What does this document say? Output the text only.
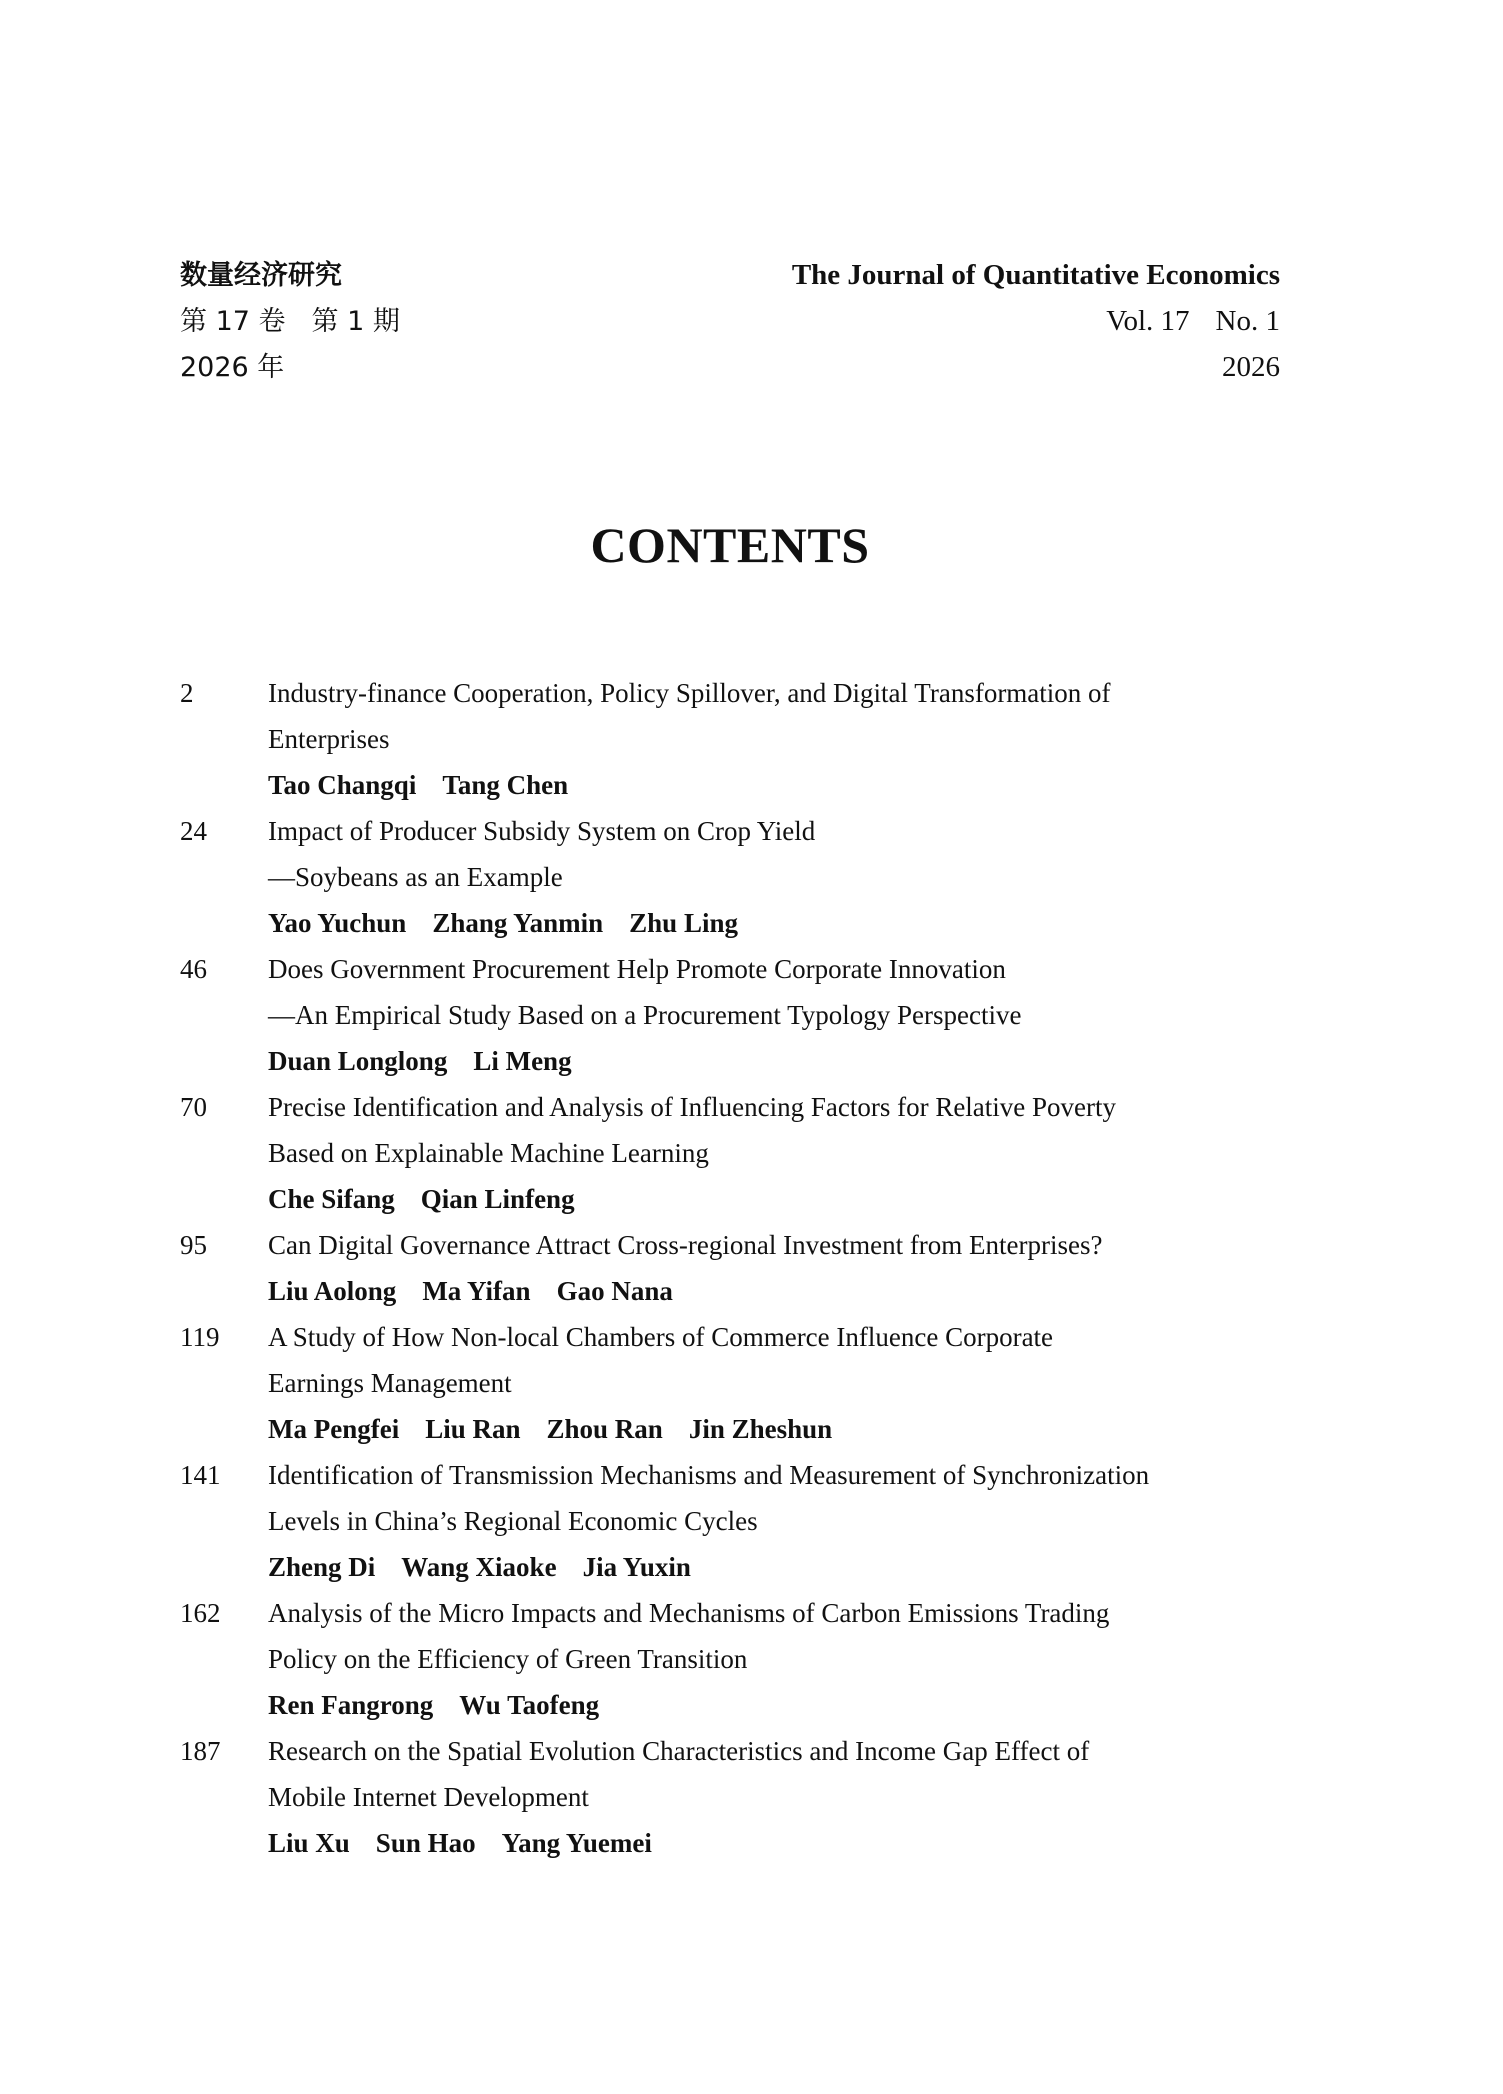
数量经济研究	The Journal of Quantitative Economics
第 17 卷 第 1 期	Vol. 17 No. 1
2026 年	2026
CONTENTS
2	Industry-finance Cooperation, Policy Spillover, and Digital Transformation of
Enterprises
Tao Changqi Tang Chen
24	Impact of Producer Subsidy System on Crop Yield
—Soybeans as an Example
Yao Yuchun Zhang Yanmin Zhu Ling
46	Does Government Procurement Help Promote Corporate Innovation
—An Empirical Study Based on a Procurement Typology Perspective
Duan Longlong Li Meng
70	Precise Identification and Analysis of Influencing Factors for Relative Poverty
Based on Explainable Machine Learning
Che Sifang Qian Linfeng
95	Can Digital Governance Attract Cross-regional Investment from Enterprises?
Liu Aolong Ma Yifan Gao Nana
119	A Study of How Non-local Chambers of Commerce Influence Corporate
Earnings Management
Ma Pengfei Liu Ran Zhou Ran Jin Zheshun
141	Identification of Transmission Mechanisms and Measurement of Synchronization
Levels in China’s Regional Economic Cycles
Zheng Di Wang Xiaoke Jia Yuxin
162	Analysis of the Micro Impacts and Mechanisms of Carbon Emissions Trading
Policy on the Efficiency of Green Transition
Ren Fangrong Wu Taofeng
187	Research on the Spatial Evolution Characteristics and Income Gap Effect of
Mobile Internet Development
Liu Xu Sun Hao Yang Yuemei
